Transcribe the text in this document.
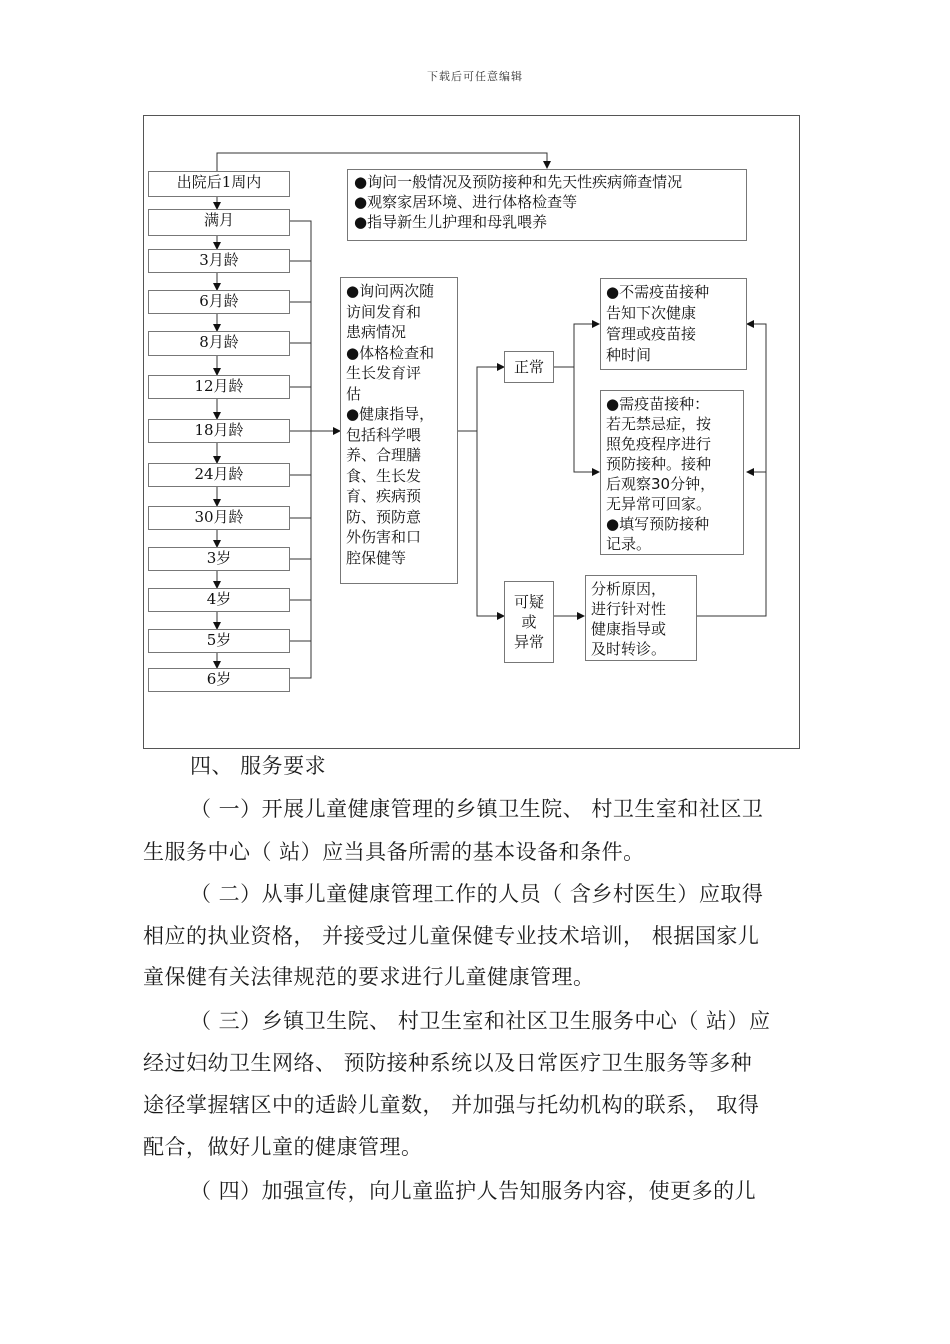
下载后可任意编辑
出院后1周内
满月
3月龄
6月龄
8月龄
12月龄
18月龄
24月龄
30月龄
3岁
4岁
5岁
6岁
●询问一般情况及预防接种和先天性疾病筛查情况
●观察家居环境、进行体格检查等
●指导新生儿护理和母乳喂养
●询问两次随
访间发育和
患病情况
●体格检查和
生长发育评
估
●健康指导，
包括科学喂
养、合理膳
食、生长发
育、疾病预
防、预防意
外伤害和口
腔保健等
正常
可疑
或
异常
●不需疫苗接种
告知下次健康
管理或疫苗接
种时间
●需疫苗接种：
若无禁忌症，按
照免疫程序进行
预防接种。接种
后观察30分钟，
无异常可回家。
●填写预防接种
记录。
分析原因，
进行针对性
健康指导或
及时转诊。
四、 服务要求
（ 一）开展儿童健康管理的乡镇卫生院、 村卫生室和社区卫
生服务中心（ 站）应当具备所需的基本设备和条件。
（ 二）从事儿童健康管理工作的人员（ 含乡村医生）应取得
相应的执业资格， 并接受过儿童保健专业技术培训， 根据国家儿
童保健有关法律规范的要求进行儿童健康管理。
（ 三）乡镇卫生院、 村卫生室和社区卫生服务中心（ 站）应
经过妇幼卫生网络、 预防接种系统以及日常医疗卫生服务等多种
途径掌握辖区中的适龄儿童数， 并加强与托幼机构的联系， 取得
配合，做好儿童的健康管理。
（ 四）加强宣传，向儿童监护人告知服务内容，使更多的儿
